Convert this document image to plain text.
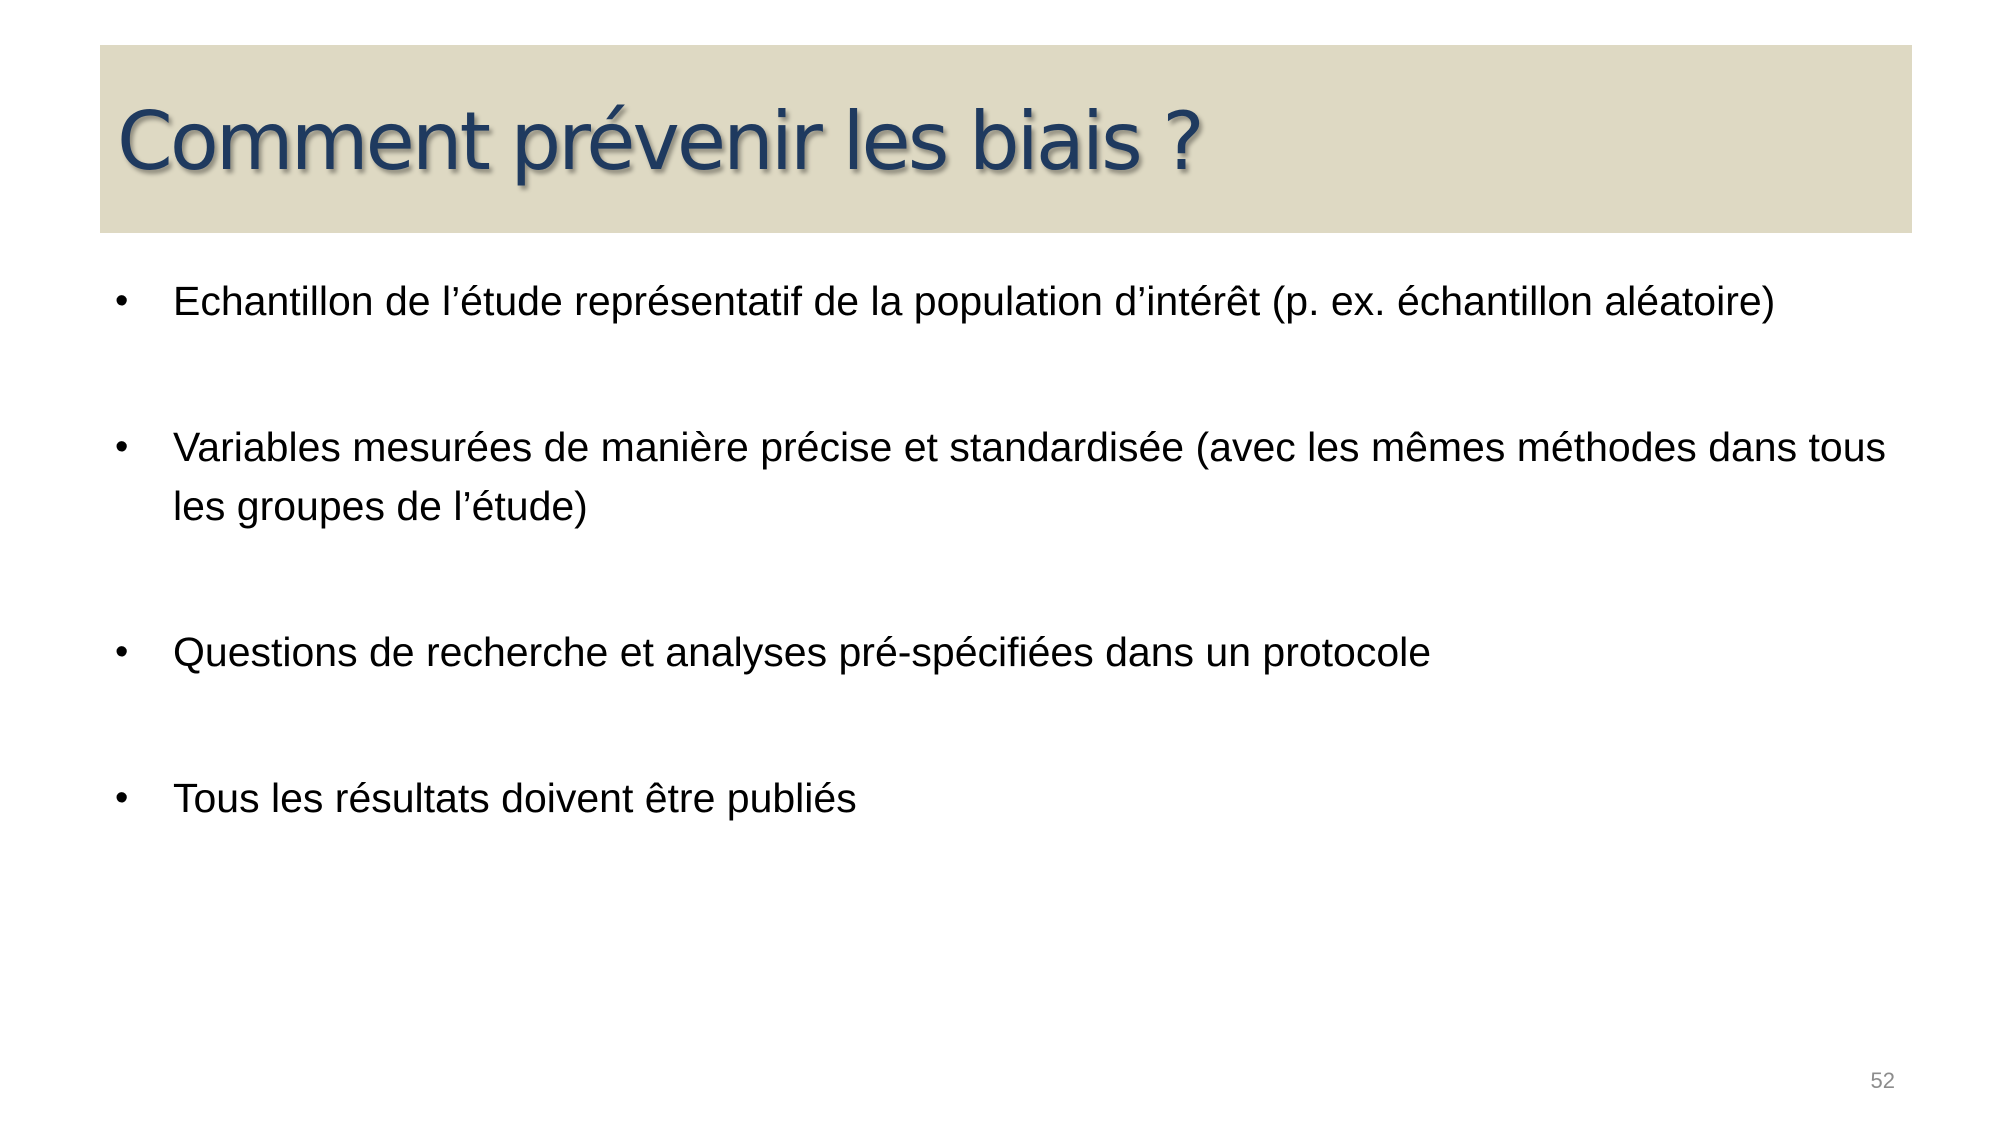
Comment prévenir les biais ?
•	Echantillon de l’étude représentatif de la population d’intérêt (p. ex. échantillon aléatoire)
•	Variables mesurées de manière précise et standardisée (avec les mêmes méthodes dans tous les groupes de l’étude)
•	Questions de recherche et analyses pré-spécifiées dans un protocole
•	Tous les résultats doivent être publiés
52
